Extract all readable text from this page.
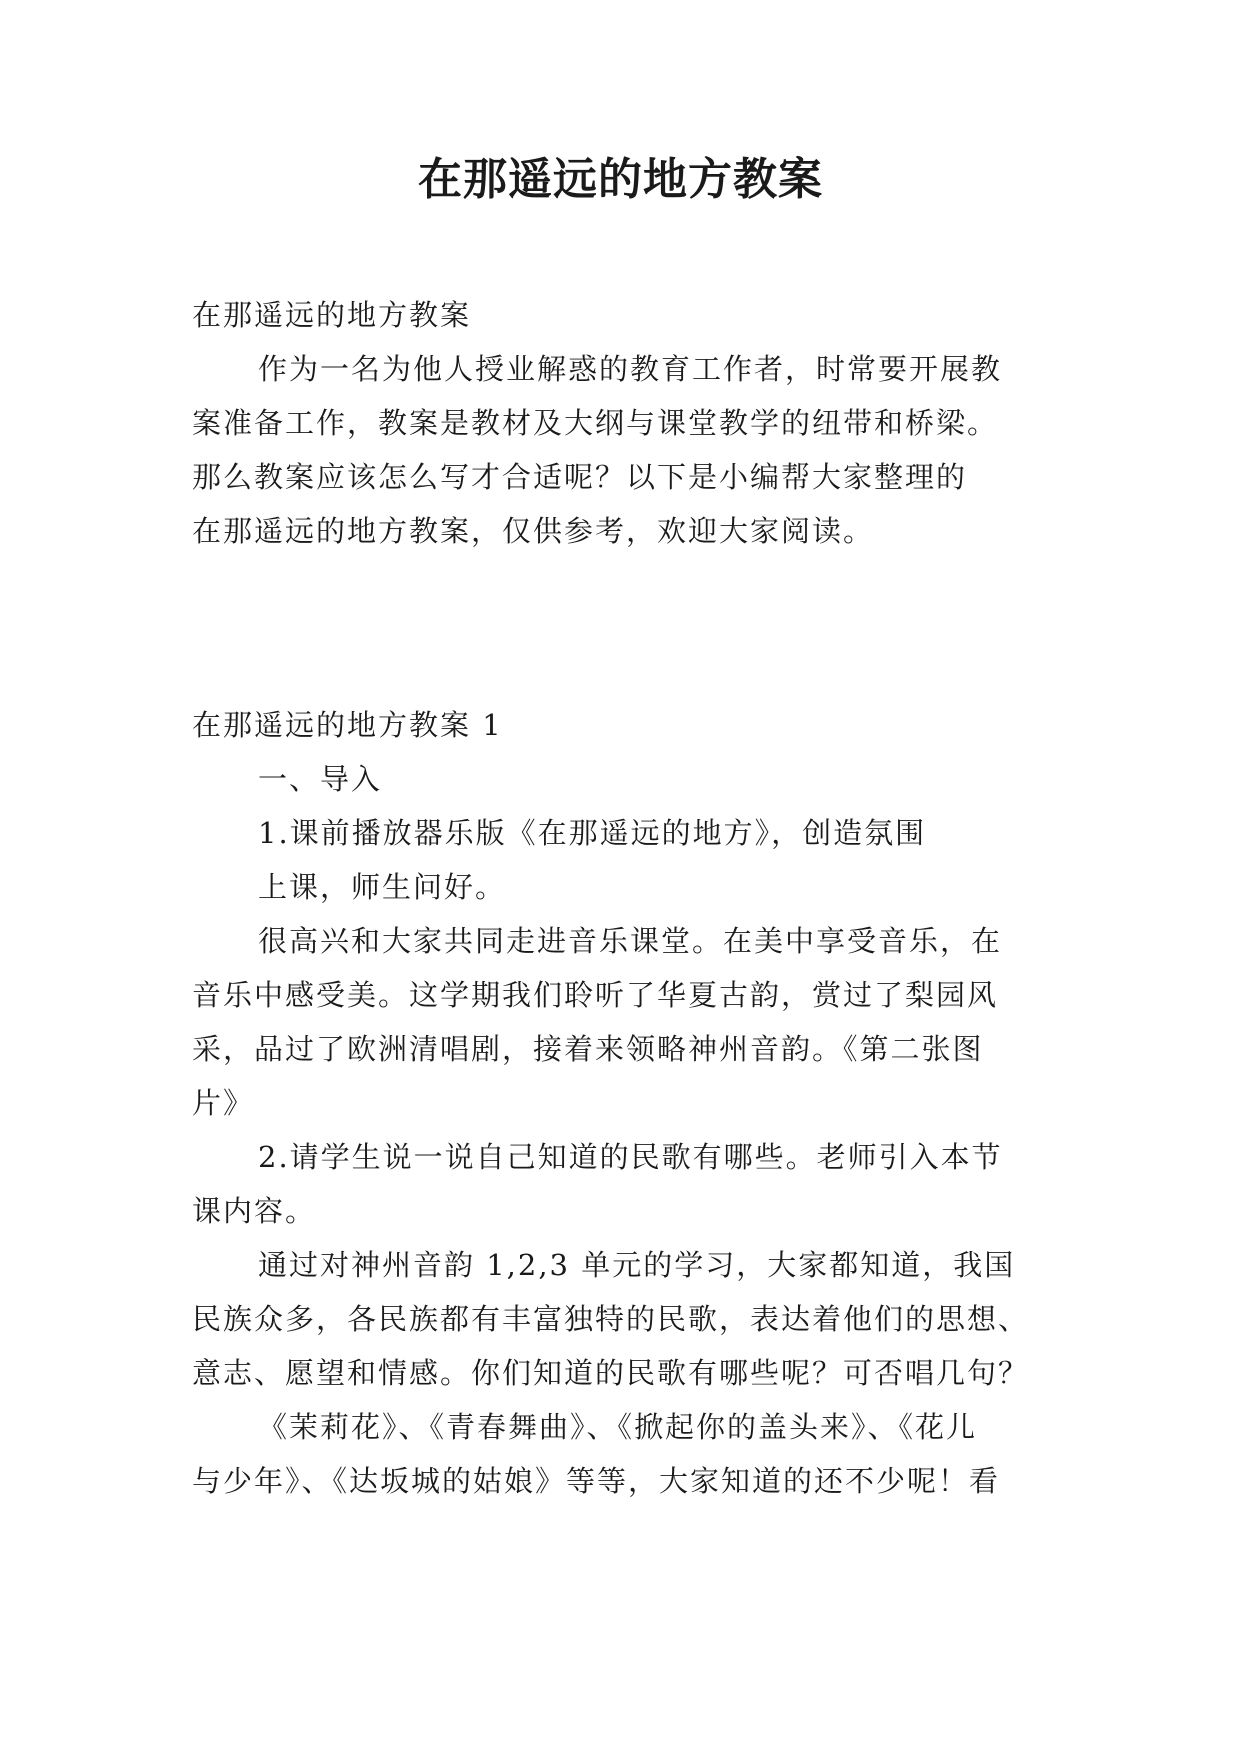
在那遥远的地方教案

在那遥远的地方教案

作为一名为他人授业解惑的教育工作者，时常要开展教

案准备工作，教案是教材及大纲与课堂教学的纽带和桥梁。

那么教案应该怎么写才合适呢？以下是小编帮大家整理的

在那遥远的地方教案，仅供参考，欢迎大家阅读。

在那遥远的地方教案 1

一、导入

1.课前播放器乐版《在那遥远的地方》，创造氛围

上课，师生问好。

很高兴和大家共同走进音乐课堂。在美中享受音乐，在

音乐中感受美。这学期我们聆听了华夏古韵，赏过了梨园风

采，品过了欧洲清唱剧，接着来领略神州音韵。《第二张图

片》

2.请学生说一说自己知道的民歌有哪些。老师引入本节

课内容。

通过对神州音韵 1,2,3 单元的学习，大家都知道，我国

民族众多，各民族都有丰富独特的民歌，表达着他们的思想、

意志、愿望和情感。你们知道的民歌有哪些呢？可否唱几句？

《茉莉花》、《青春舞曲》、《掀起你的盖头来》、《花儿

与少年》、《达坂城的姑娘》等等，大家知道的还不少呢！看
